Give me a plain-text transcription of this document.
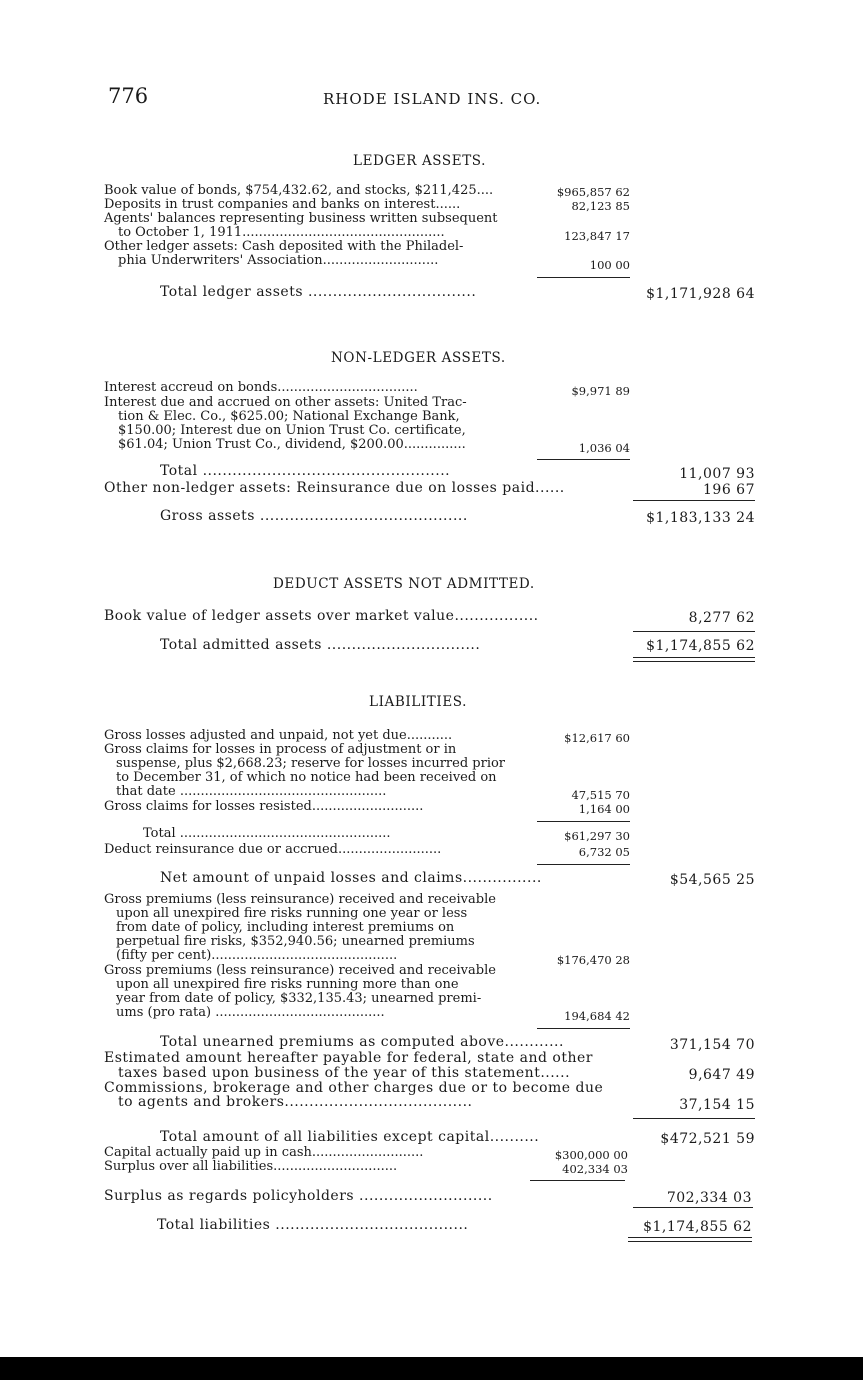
776	RHODE ISLAND INS. CO.
LEDGER ASSETS.
Book value of bonds, $754,432.62, and stocks, $211,425....	$965,857 62
Deposits in trust companies and banks on interest......	82,123 85
Agents' balances representing business written subsequent
to October 1, 1911.................................................	123,847 17
Other ledger assets: Cash deposited with the Philadel-
phia Underwriters' Association............................	100 00
Total ledger assets ..................................	$1,171,928 64
NON-LEDGER ASSETS.
Interest accreud on bonds..................................	$9,971 89
Interest due and accrued on other assets: United Trac-
tion & Elec. Co., $625.00; National Exchange Bank,
$150.00; Interest due on Union Trust Co. certificate,
$61.04; Union Trust Co., dividend, $200.00...............	1,036 04
Total ..................................................	11,007 93
Other non-ledger assets: Reinsurance due on losses paid......	196 67
Gross assets ..........................................	$1,183,133 24
DEDUCT ASSETS NOT ADMITTED.
Book value of ledger assets over market value.................	8,277 62
Total admitted assets ...............................	$1,174,855 62
LIABILITIES.
Gross losses adjusted and unpaid, not yet due...........	$12,617 60
Gross claims for losses in process of adjustment or in
suspense, plus $2,668.23; reserve for losses incurred prior
to December 31, of which no notice had been received on
that date ..................................................	47,515 70
Gross claims for losses resisted...........................	1,164 00
Total ...................................................	$61,297 30
Deduct reinsurance due or accrued.........................	6,732 05
Net amount of unpaid losses and claims................	$54,565 25
Gross premiums (less reinsurance) received and receivable
upon all unexpired fire risks running one year or less
from date of policy, including interest premiums on
perpetual fire risks, $352,940.56; unearned premiums
(fifty per cent).............................................	$176,470 28
Gross premiums (less reinsurance) received and receivable
upon all unexpired fire risks running more than one
year from date of policy, $332,135.43; unearned premi-
ums (pro rata) .........................................	194,684 42
Total unearned premiums as computed above............	371,154 70
Estimated amount hereafter payable for federal, state and other
taxes based upon business of the year of this statement......	9,647 49
Commissions, brokerage and other charges due or to become due
to agents and brokers......................................	37,154 15
Total amount of all liabilities except capital..........	$472,521 59
Capital actually paid up in cash...........................	$300,000 00
Surplus over all liabilities..............................	402,334 03
Surplus as regards policyholders ...........................	702,334 03
Total liabilities .......................................	$1,174,855 62
